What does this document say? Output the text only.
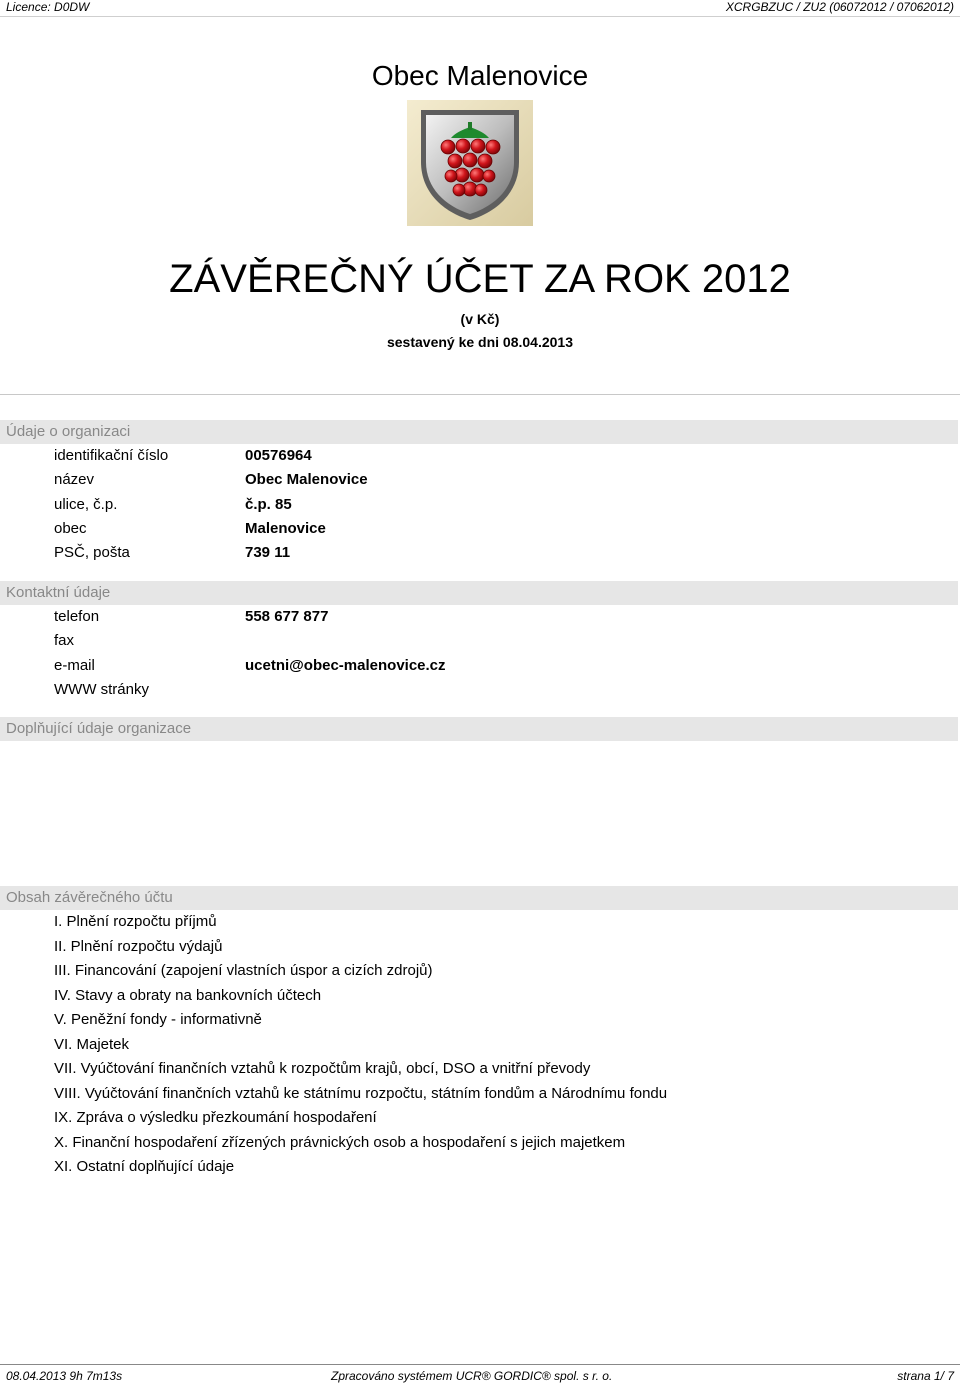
Licence: D0DW	XCRGBZUC / ZU2 (06072012 / 07062012)
Obec Malenovice
ZÁVĚREČNÝ ÚČET ZA ROK 2012
(v Kč)
sestavený ke dni 08.04.2013
Údaje o organizaci
identifikační číslo	00576964
název	Obec Malenovice
ulice, č.p.	č.p. 85
obec	Malenovice
PSČ, pošta	739 11
Kontaktní údaje
telefon	558 677 877
fax
e-mail	ucetni@obec-malenovice.cz
WWW stránky
Doplňující údaje organizace
Obsah závěrečného účtu
I. Plnění rozpočtu příjmů
II. Plnění rozpočtu výdajů
III. Financování (zapojení vlastních úspor a cizích zdrojů)
IV. Stavy a obraty na bankovních účtech
V. Peněžní fondy - informativně
VI. Majetek
VII. Vyúčtování finančních vztahů k rozpočtům krajů, obcí, DSO a vnitřní převody
VIII. Vyúčtování finančních vztahů ke státnímu rozpočtu, státním fondům a Národnímu fondu
IX. Zpráva o výsledku přezkoumání hospodaření
X. Finanční hospodaření zřízených právnických osob a hospodaření s jejich majetkem
XI. Ostatní doplňující údaje
08.04.2013 9h 7m13s	Zpracováno systémem UCR® GORDIC® spol. s r. o.	strana 1/ 7
